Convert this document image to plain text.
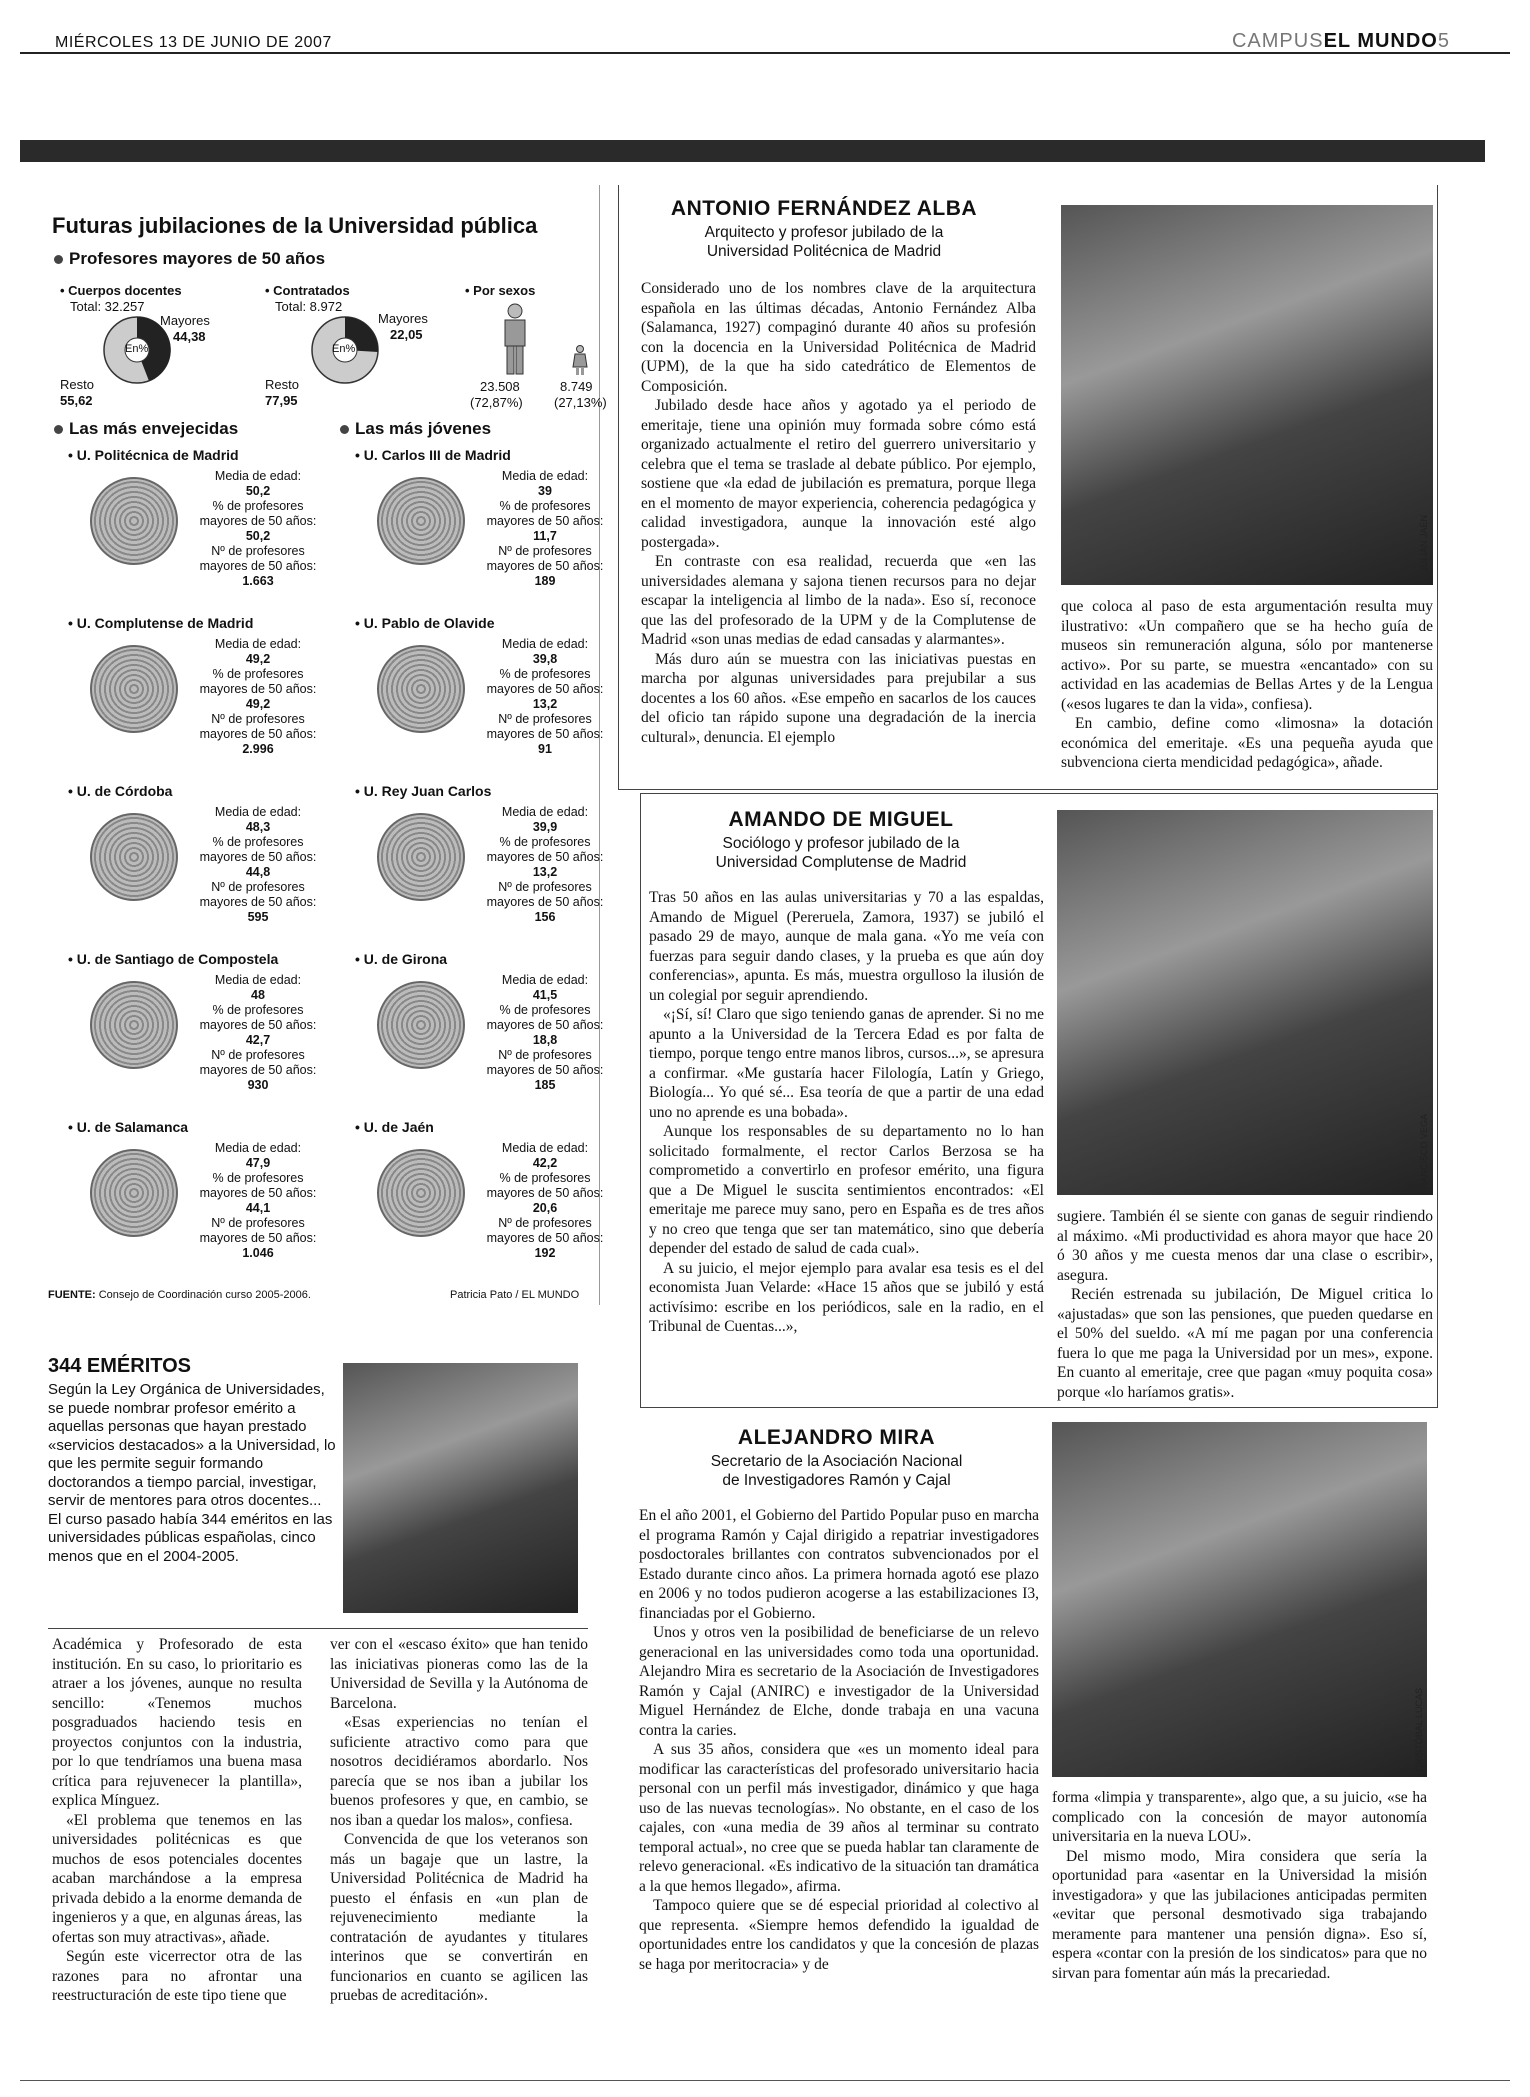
MIÉRCOLES 13 DE JUNIO DE 2007	CAMPUSEL MUNDO5
Futuras jubilaciones de la Universidad pública
Profesores mayores de 50 años
• Cuerpos docentes
Total: 32.257
Mayores
44,38
En%
Resto
55,62
• Contratados
Total: 8.972
Mayores
22,05
En%
Resto
77,95
• Por sexos
23.508	8.749
(72,87%) (27,13%)
Las más envejecidas	Las más jóvenes
• U. Politécnica de Madrid
Media de edad:
50,2
% de profesores
mayores de 50 años:
50,2
Nº de profesores
mayores de 50 años:
1.663
• U. Complutense de Madrid
Media de edad:
49,2
% de profesores
mayores de 50 años:
49,2
Nº de profesores
mayores de 50 años:
2.996
• U. de Córdoba
Media de edad:
48,3
% de profesores
mayores de 50 años:
44,8
Nº de profesores
mayores de 50 años:
595
• U. de Santiago de Compostela
Media de edad:
48
% de profesores
mayores de 50 años:
42,7
Nº de profesores
mayores de 50 años:
930
• U. de Salamanca
Media de edad:
47,9
% de profesores
mayores de 50 años:
44,1
Nº de profesores
mayores de 50 años:
1.046
• U. Carlos III de Madrid
Media de edad:
39
% de profesores
mayores de 50 años:
11,7
Nº de profesores
mayores de 50 años:
189
• U. Pablo de Olavide
Media de edad:
39,8
% de profesores
mayores de 50 años:
13,2
Nº de profesores
mayores de 50 años:
91
• U. Rey Juan Carlos
Media de edad:
39,9
% de profesores
mayores de 50 años:
13,2
Nº de profesores
mayores de 50 años:
156
• U. de Girona
Media de edad:
41,5
% de profesores
mayores de 50 años:
18,8
Nº de profesores
mayores de 50 años:
185
• U. de Jaén
Media de edad:
42,2
% de profesores
mayores de 50 años:
20,6
Nº de profesores
mayores de 50 años:
192
FUENTE: Consejo de Coordinación curso 2005-2006.	Patricia Pato / EL MUNDO
344 EMÉRITOS
Según la Ley Orgánica de Universidades, se puede nombrar profesor emérito a aquellas personas que hayan prestado «servicios destacados» a la Universidad, lo que les permite seguir formando doctorandos a tiempo parcial, investigar, servir de mentores para otros docentes... El curso pasado había 344 eméritos en las universidades públicas españolas, cinco menos que en el 2004-2005.

Académica y Profesorado de esta institución. En su caso, lo prioritario es atraer a los jóvenes, aunque no resulta sencillo: «Tenemos muchos posgraduados haciendo tesis en proyectos conjuntos con la industria, por lo que tendríamos una buena masa crítica para rejuvenecer la plantilla», explica Mínguez.

«El problema que tenemos en las universidades politécnicas es que muchos de esos potenciales docentes acaban marchándose a la empresa privada debido a la enorme demanda de ingenieros y a que, en algunas áreas, las ofertas son muy atractivas», añade.

Según este vicerrector otra de las razones para no afrontar una reestructuración de este tipo tiene que

ver con el «escaso éxito» que han tenido las iniciativas pioneras como las de la Universidad de Sevilla y la Autónoma de Barcelona.

«Esas experiencias no tenían el suficiente atractivo como para que nosotros decidiéramos abordarlo. Nos parecía que se nos iban a jubilar los buenos profesores y que, en cambio, se nos iban a quedar los malos», confiesa.

Convencida de que los veteranos son más un bagaje que un lastre, la Universidad Politécnica de Madrid ha puesto el énfasis en «un plan de rejuvenecimiento mediante la contratación de ayudantes y titulares interinos que se convertirán en funcionarios en cuanto se agilicen las pruebas de acreditación».

ANTONIO FERNÁNDEZ ALBA
Arquitecto y profesor jubilado de la
Universidad Politécnica de Madrid
JULIÁN JAÉN

Considerado uno de los nombres clave de la arquitectura española en las últimas décadas, Antonio Fernández Alba (Salamanca, 1927) compaginó durante 40 años su profesión con la docencia en la Universidad Politécnica de Madrid (UPM), de la que ha sido catedrático de Elementos de Composición.

Jubilado desde hace años y agotado ya el periodo de emeritaje, tiene una opinión muy formada sobre cómo está organizado actualmente el retiro del guerrero universitario y celebra que el tema se traslade al debate público. Por ejemplo, sostiene que «la edad de jubilación es prematura, porque llega en el momento de mayor experiencia, coherencia pedagógica y calidad investigadora, aunque la innovación esté algo postergada».

En contraste con esa realidad, recuerda que «en las universidades alemana y sajona tienen recursos para no dejar escapar la inteligencia al limbo de la nada». Eso sí, reconoce que las del profesorado de la UPM y de la Complutense de Madrid «son unas medias de edad cansadas y alarmantes».

Más duro aún se muestra con las iniciativas puestas en marcha por algunas universidades para prejubilar a sus docentes a los 60 años. «Ese empeño en sacarlos de los cauces del oficio tan rápido supone una degradación de la inercia cultural», denuncia. El ejemplo

que coloca al paso de esta argumentación resulta muy ilustrativo: «Un compañero que se ha hecho guía de museos sin remuneración alguna, sólo por mantenerse activo». Por su parte, se muestra «encantado» con su actividad en las academias de Bellas Artes y de la Lengua («esos lugares te dan la vida», confiesa).

En cambio, define como «limosna» la dotación económica del emeritaje. «Es una pequeña ayuda que subvenciona cierta mendicidad pedagógica», añade.

AMANDO DE MIGUEL
Sociólogo y profesor jubilado de la
Universidad Complutense de Madrid
FRANCISCO VEGA

Tras 50 años en las aulas universitarias y 70 a las espaldas, Amando de Miguel (Pereruela, Zamora, 1937) se jubiló el pasado 29 de mayo, aunque de mala gana. «Yo me veía con fuerzas para seguir dando clases, y la prueba es que aún doy conferencias», apunta. Es más, muestra orgulloso la ilusión de un colegial por seguir aprendiendo.

«¡Sí, sí! Claro que sigo teniendo ganas de aprender. Si no me apunto a la Universidad de la Tercera Edad es por falta de tiempo, porque tengo entre manos libros, cursos...», se apresura a confirmar. «Me gustaría hacer Filología, Latín y Griego, Biología... Yo qué sé... Esa teoría de que a partir de una edad uno no aprende es una bobada».

Aunque los responsables de su departamento no lo han solicitado formalmente, el rector Carlos Berzosa se ha comprometido a convertirlo en profesor emérito, una figura que a De Miguel le suscita sentimientos encontrados: «El emeritaje me parece muy sano, pero en España es de tres años y no creo que tenga que ser tan matemático, sino que debería depender del estado de salud de cada cual».

A su juicio, el mejor ejemplo para avalar esa tesis es el del economista Juan Velarde: «Hace 15 años que se jubiló y está activísimo: escribe en los periódicos, sale en la radio, en el Tribunal de Cuentas...»,

sugiere. También él se siente con ganas de seguir rindiendo al máximo. «Mi productividad es ahora mayor que hace 20 ó 30 años y me cuesta menos dar una clase o escribir», asegura.

Recién estrenada su jubilación, De Miguel critica lo «ajustadas» que son las pensiones, que pueden quedarse en el 50% del sueldo. «A mí me pagan por una conferencia fuera lo que me paga la Universidad por un mes», expone. En cuanto al emeritaje, cree que pagan «muy poquita cosa» porque «lo haríamos gratis».

ALEJANDRO MIRA
Secretario de la Asociación Nacional
de Investigadores Ramón y Cajal
CRISTÓBAL LUCAS

En el año 2001, el Gobierno del Partido Popular puso en marcha el programa Ramón y Cajal dirigido a repatriar investigadores posdoctorales brillantes con contratos subvencionados por el Estado durante cinco años. La primera hornada agotó ese plazo en 2006 y no todos pudieron acogerse a las estabilizaciones I3, financiadas por el Gobierno.

Unos y otros ven la posibilidad de beneficiarse de un relevo generacional en las universidades como toda una oportunidad. Alejandro Mira es secretario de la Asociación de Investigadores Ramón y Cajal (ANIRC) e investigador de la Universidad Miguel Hernández de Elche, donde trabaja en una vacuna contra la caries.

A sus 35 años, considera que «es un momento ideal para modificar las características del profesorado universitario hacia personal con un perfil más investigador, dinámico y que haga uso de las nuevas tecnologías». No obstante, en el caso de los cajales, con «una media de 39 años al terminar su contrato temporal actual», no cree que se pueda hablar tan claramente de relevo generacional. «Es indicativo de la situación tan dramática a la que hemos llegado», afirma.

Tampoco quiere que se dé especial prioridad al colectivo al que representa. «Siempre hemos defendido la igualdad de oportunidades entre los candidatos y que la concesión de plazas se haga por meritocracia» y de

forma «limpia y transparente», algo que, a su juicio, «se ha complicado con la concesión de mayor autonomía universitaria en la nueva LOU».

Del mismo modo, Mira considera que sería la oportunidad para «asentar en la Universidad la misión investigadora» y que las jubilaciones anticipadas permiten «evitar que personal desmotivado siga trabajando meramente para mantener una pensión digna». Eso sí, espera «contar con la presión de los sindicatos» para que no sirvan para fomentar aún más la precariedad.
